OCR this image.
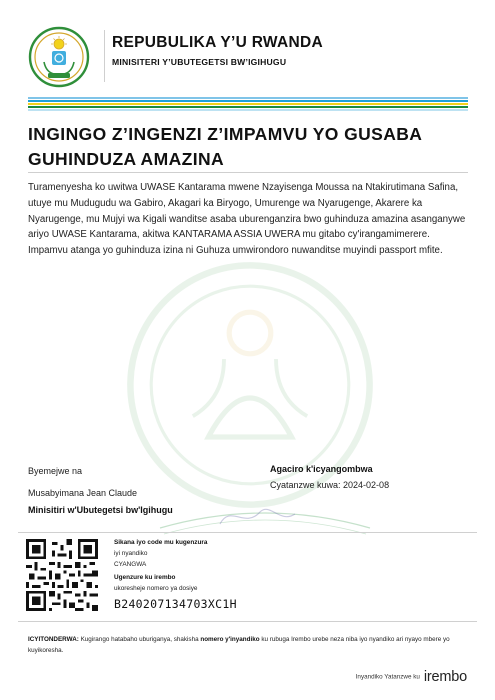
REPUBULIKA Y’U RWANDA
MINISITERI Y’UBUTEGETSI BW’IGIHUGU
INGINGO Z’INGENZI Z’IMPAMVU YO GUSABA GUHINDUZA AMAZINA

Turamenyesha ko uwitwa UWASE Kantarama mwene Nzayisenga Moussa na Ntakirutimana Safina, utuye mu Mudugudu wa Gabiro, Akagari ka Biryogo, Umurenge wa Nyarugenge, Akarere ka Nyarugenge, mu Mujyi wa Kigali wanditse asaba uburenganzira bwo guhinduza amazina asanganywe ariyo UWASE Kantarama, akitwa KANTARAMA ASSIA UWERA mu gitabo cy'irangamimerere. Impamvu atanga yo guhinduza izina ni Guhuza umwirondoro nuwanditse muyindi passport mfite.

Byemejwe na
Musabyimana Jean Claude
Minisitiri w'Ubutegetsi bw'Igihugu
Agaciro k'icyangombwa
Cyatanzwe kuwa: 2024-02-08
Sikana iyo code mu kugenzura
iyi nyandiko
CYANGWA
Ugenzure ku irembo
ukoresheje nomero ya dosiye
B240207134703XC1H

ICYITONDERWA: Kugirango hatabaho uburiganya, shakisha nomero y'inyandiko ku rubuga Irembo urebe neza niba iyo nyandiko ari nyayo mbere yo kuyikoresha.

Inyandiko Yatanzwe ku irembo
